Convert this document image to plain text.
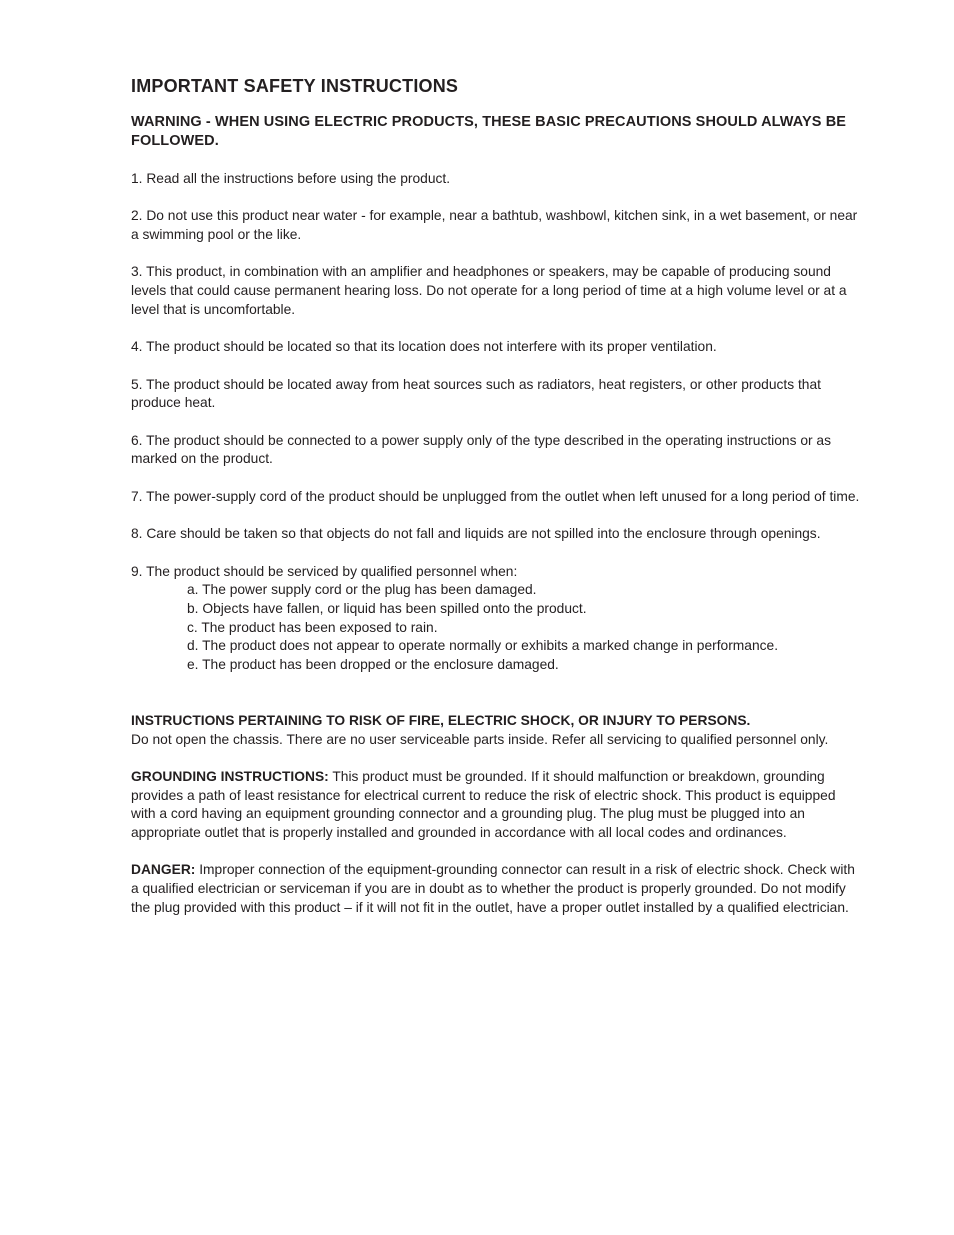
IMPORTANT SAFETY INSTRUCTIONS
WARNING - WHEN USING ELECTRIC PRODUCTS, THESE BASIC PRECAUTIONS SHOULD ALWAYS BE FOLLOWED.

1. Read all the instructions before using the product.

2. Do not use this product near water - for example, near a bathtub, washbowl, kitchen sink, in a wet basement, or near a swimming pool or the like.

3. This product, in combination with an amplifier and headphones or speakers, may be capable of producing sound levels that could cause permanent hearing loss. Do not operate for a long period of time at a high volume level or at a level that is uncomfortable.

4. The product should be located so that its location does not interfere with its proper ventilation.

5. The product should be located away from heat sources such as radiators, heat registers, or other products that produce heat.

6. The product should be connected to a power supply only of the type described in the operating instructions or as marked on the product.

7. The power-supply cord of the product should be unplugged from the outlet when left unused for a long period of time.

8. Care should be taken so that objects do not fall and liquids are not spilled into the enclosure through openings.

9. The product should be serviced by qualified personnel when:

a. The power supply cord or the plug has been damaged.
b. Objects have fallen, or liquid has been spilled onto the product.
c. The product has been exposed to rain.
d. The product does not appear to operate normally or exhibits a marked change in performance.
e. The product has been dropped or the enclosure damaged.

INSTRUCTIONS PERTAINING TO RISK OF FIRE, ELECTRIC SHOCK, OR INJURY TO PERSONS.

Do not open the chassis. There are no user serviceable parts inside. Refer all servicing to qualified personnel only.

GROUNDING INSTRUCTIONS: This product must be grounded. If it should malfunction or breakdown, grounding provides a path of least resistance for electrical current to reduce the risk of electric shock. This product is equipped with a cord having an equipment grounding connector and a grounding plug. The plug must be plugged into an appropriate outlet that is properly installed and grounded in accordance with all local codes and ordinances.

DANGER: Improper connection of the equipment-grounding connector can result in a risk of electric shock. Check with a qualified electrician or serviceman if you are in doubt as to whether the product is properly grounded. Do not modify the plug provided with this product – if it will not fit in the outlet, have a proper outlet installed by a qualified electrician.
